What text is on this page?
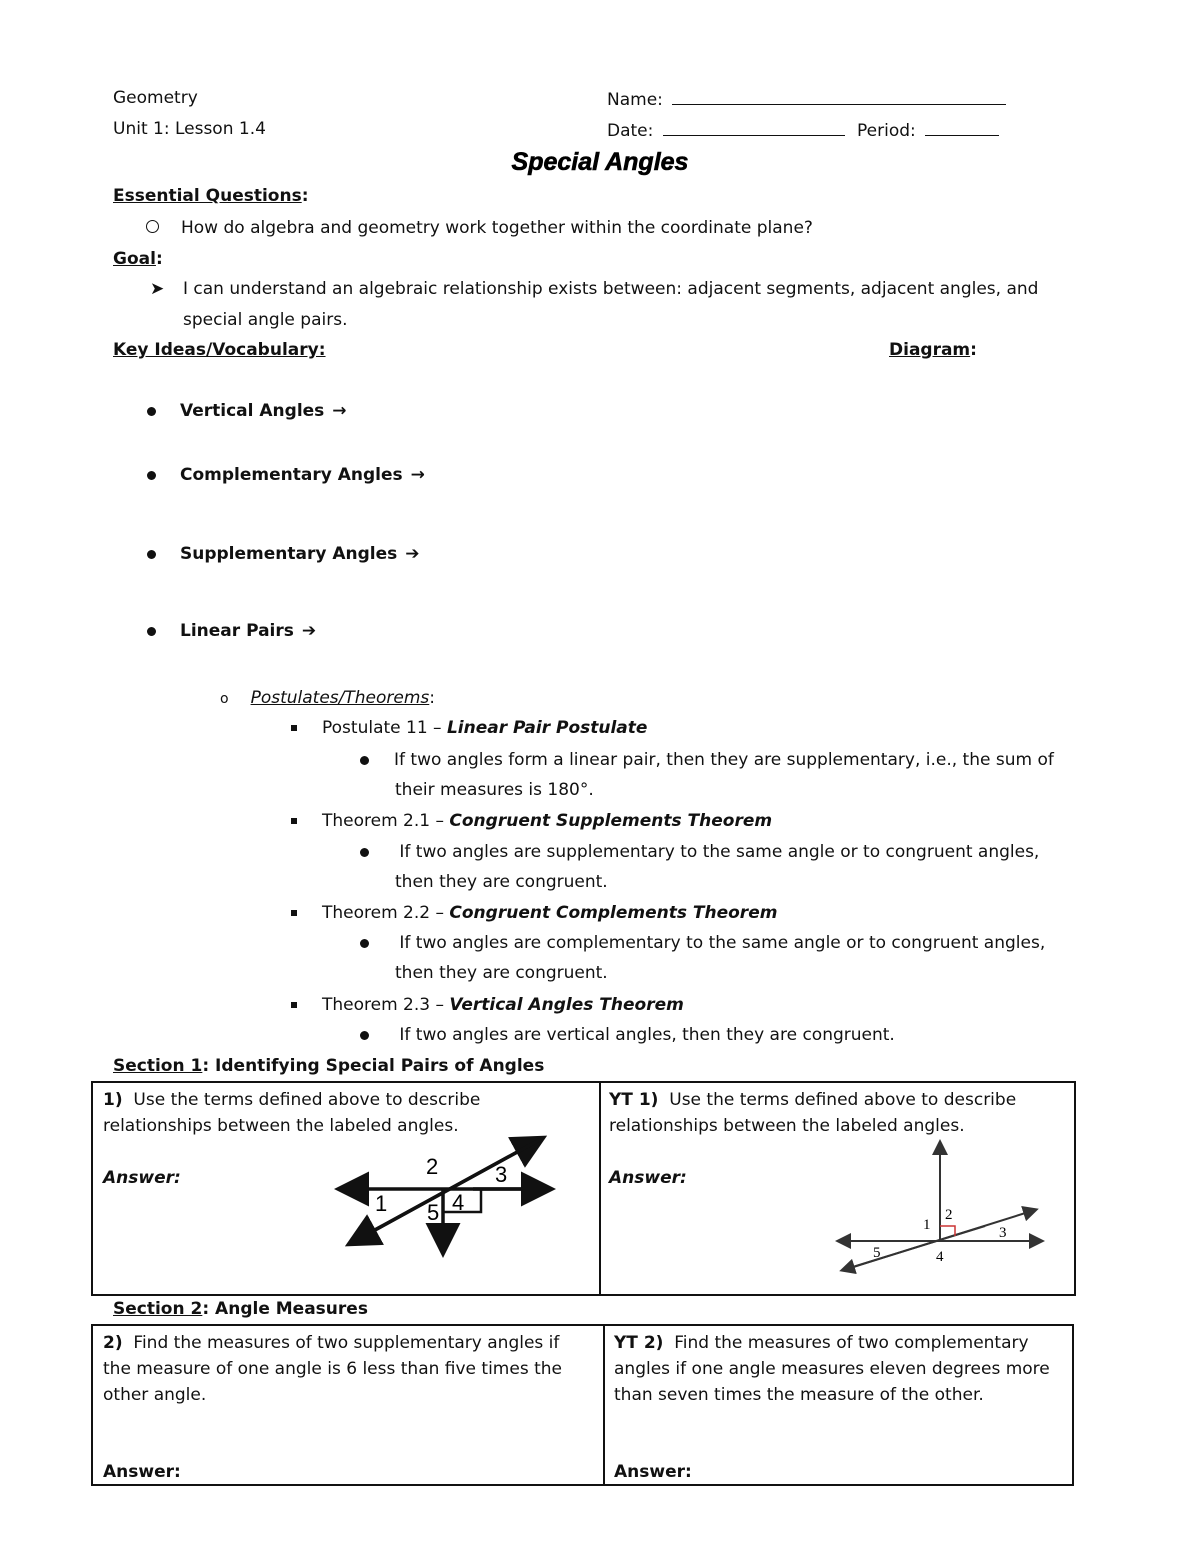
Geometry
Unit 1: Lesson 1.4
Name:
Date:	Period:
Special Angles
Essential Questions:
How do algebra and geometry work together within the coordinate plane?
Goal:
➤ I can understand an algebraic relationship exists between: adjacent segments, adjacent angles, and
special angle pairs.
Key Ideas/Vocabulary:	Diagram:
Vertical Angles →
Complementary Angles →
Supplementary Angles ➔
Linear Pairs ➔
o Postulates/Theorems:
Postulate 11 – Linear Pair Postulate
If two angles form a linear pair, then they are supplementary, i.e., the sum of
their measures is 180°.
Theorem 2.1 – Congruent Supplements Theorem
If two angles are supplementary to the same angle or to congruent angles,
then they are congruent.
Theorem 2.2 – Congruent Complements Theorem
If two angles are complementary to the same angle or to congruent angles,
then they are congruent.
Theorem 2.3 – Vertical Angles Theorem
If two angles are vertical angles, then they are congruent.
Section 1: Identifying Special Pairs of Angles
1) Use the terms defined above to describe relationships between the labeled angles.
Answer:	2	3
1	4
5
YT 1) Use the terms defined above to describe relationships between the labeled angles.
Answer:
1
2
3
5	4
Section 2: Angle Measures
2) Find the measures of two supplementary angles if the measure of one angle is 6 less than five times the other angle.
Answer:
YT 2) Find the measures of two complementary angles if one angle measures eleven degrees more than seven times the measure of the other.
Answer:
